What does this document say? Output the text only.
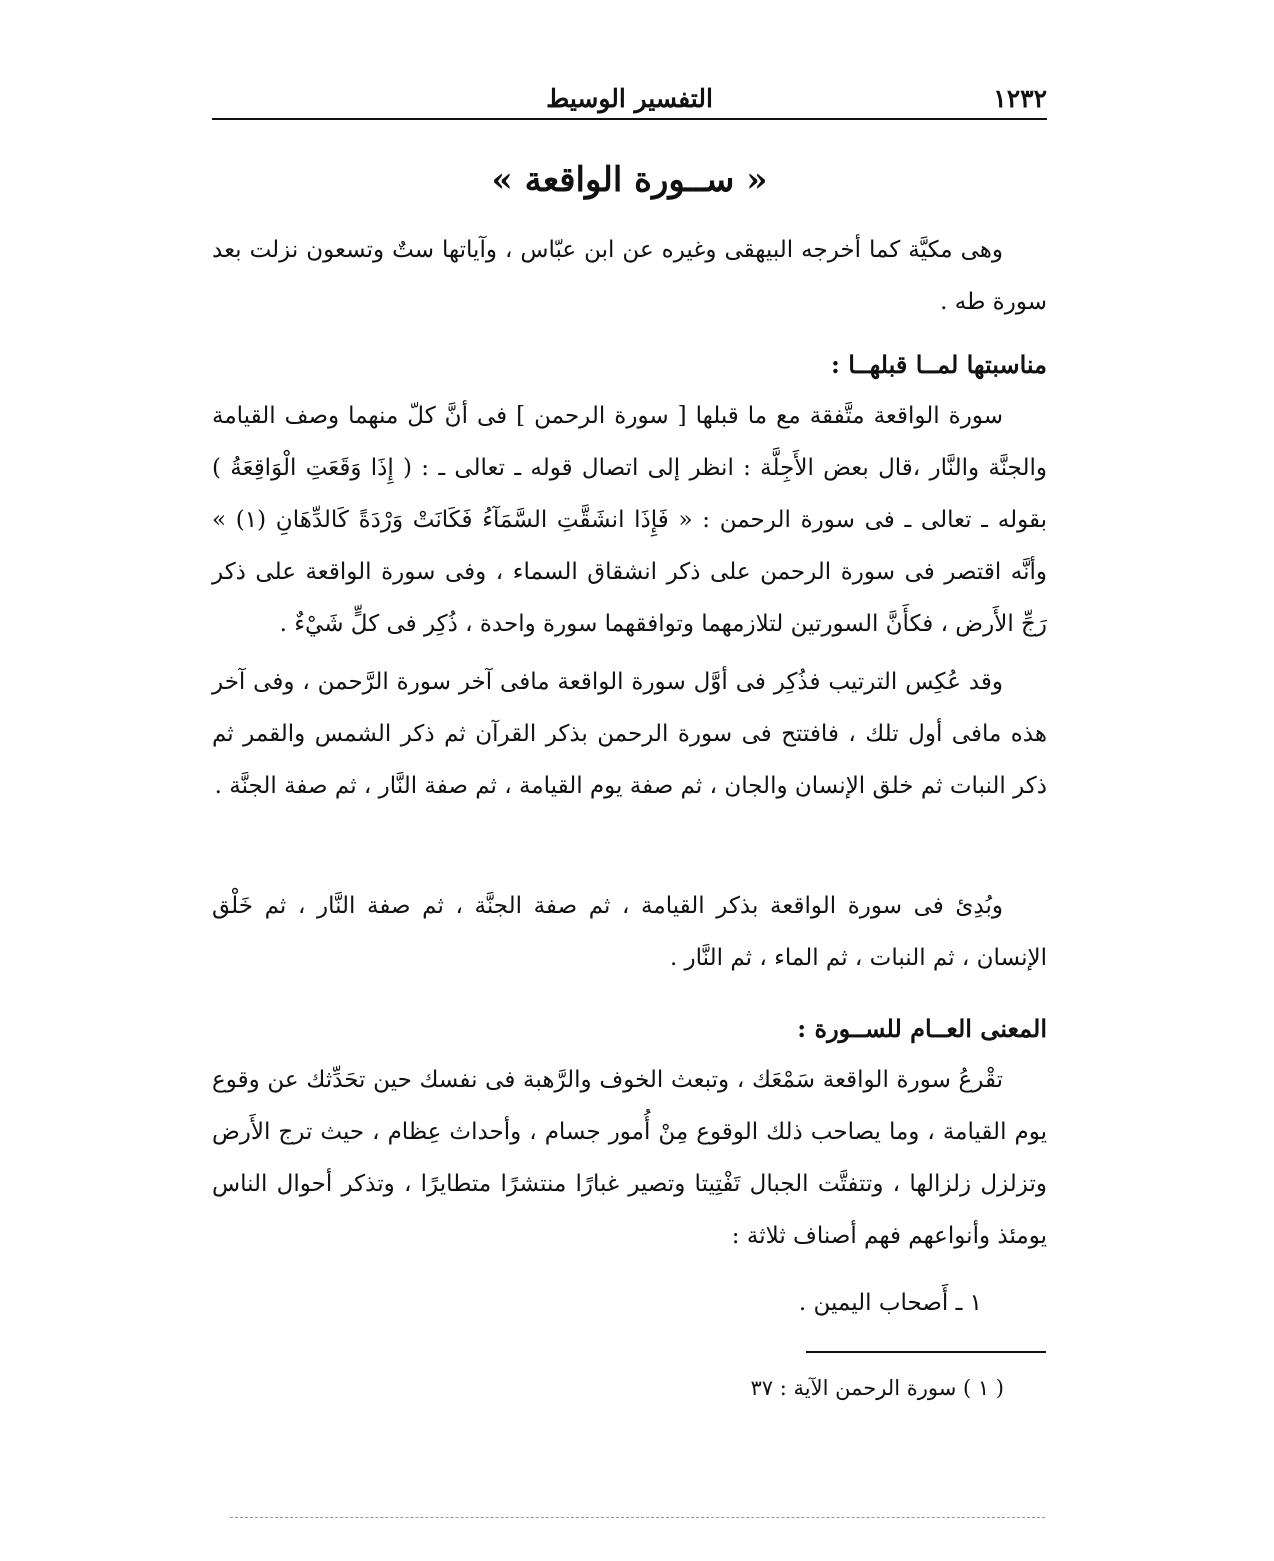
١٢٣٢
التفسير الوسيط
« ســورة الواقعة »

وهى مكيَّة كما أخرجه البيهقى وغيره عن ابن عبّاس ، وآياتها ستٌ وتسعون نزلت بعد سورة طه .

مناسبتها لمــا قبلهــا :

سورة الواقعة متَّفقة مع ما قبلها [ سورة الرحمن ] فى أنَّ كلّ منهما وصف القيامة والجنَّة والنَّار ،قال بعض الأَجِلَّة : انظر إلى اتصال قوله ـ تعالى ـ : ( إِذَا وَقَعَتِ الْوَاقِعَةُ ) بقوله ـ تعالى ـ فى سورة الرحمن : « فَإِذَا انشَقَّتِ السَّمَآءُ فَكَانَتْ وَرْدَةً كَالدِّهَانِ (١) » وأنَّه اقتصر فى سورة الرحمن على ذكر انشقاق السماء ، وفى سورة الواقعة على ذكر رَجِّ الأَرض ، فكأَنَّ السورتين لتلازمهما وتوافقهما سورة واحدة ، ذُكِر فى كلٍّ شَيْءٌ .

وقد عُكِس الترتيب فذُكِر فى أوَّل سورة الواقعة مافى آخر سورة الرَّحمن ، وفى آخر هذه مافى أول تلك ، فافتتح فى سورة الرحمن بذكر القرآن ثم ذكر الشمس والقمر ثم ذكر النبات ثم خلق الإنسان والجان ، ثم صفة يوم القيامة ، ثم صفة النَّار ، ثم صفة الجنَّة .

وبُدِئ فى سورة الواقعة بذكر القيامة ، ثم صفة الجنَّة ، ثم صفة النَّار ، ثم خَلْق الإنسان ، ثم النبات ، ثم الماء ، ثم النَّار .

المعنى العــام للســورة :

تقْرعُ سورة الواقعة سَمْعَك ، وتبعث الخوف والرَّهبة فى نفسك حين تحَدِّثك عن وقوع يوم القيامة ، وما يصاحب ذلك الوقوع مِنْ أُمور جسام ، وأحداث عِظام ، حيث ترج الأَرض وتزلزل زلزالها ، وتتفتَّت الجبال تَفْتِيتا وتصير غبارًا منتشرًا متطايرًا ، وتذكر أحوال الناس يومئذ وأنواعهم فهم أصناف ثلاثة :

١ ـ أَصحاب اليمين .
( ١ ) سورة الرحمن الآية : ٣٧
